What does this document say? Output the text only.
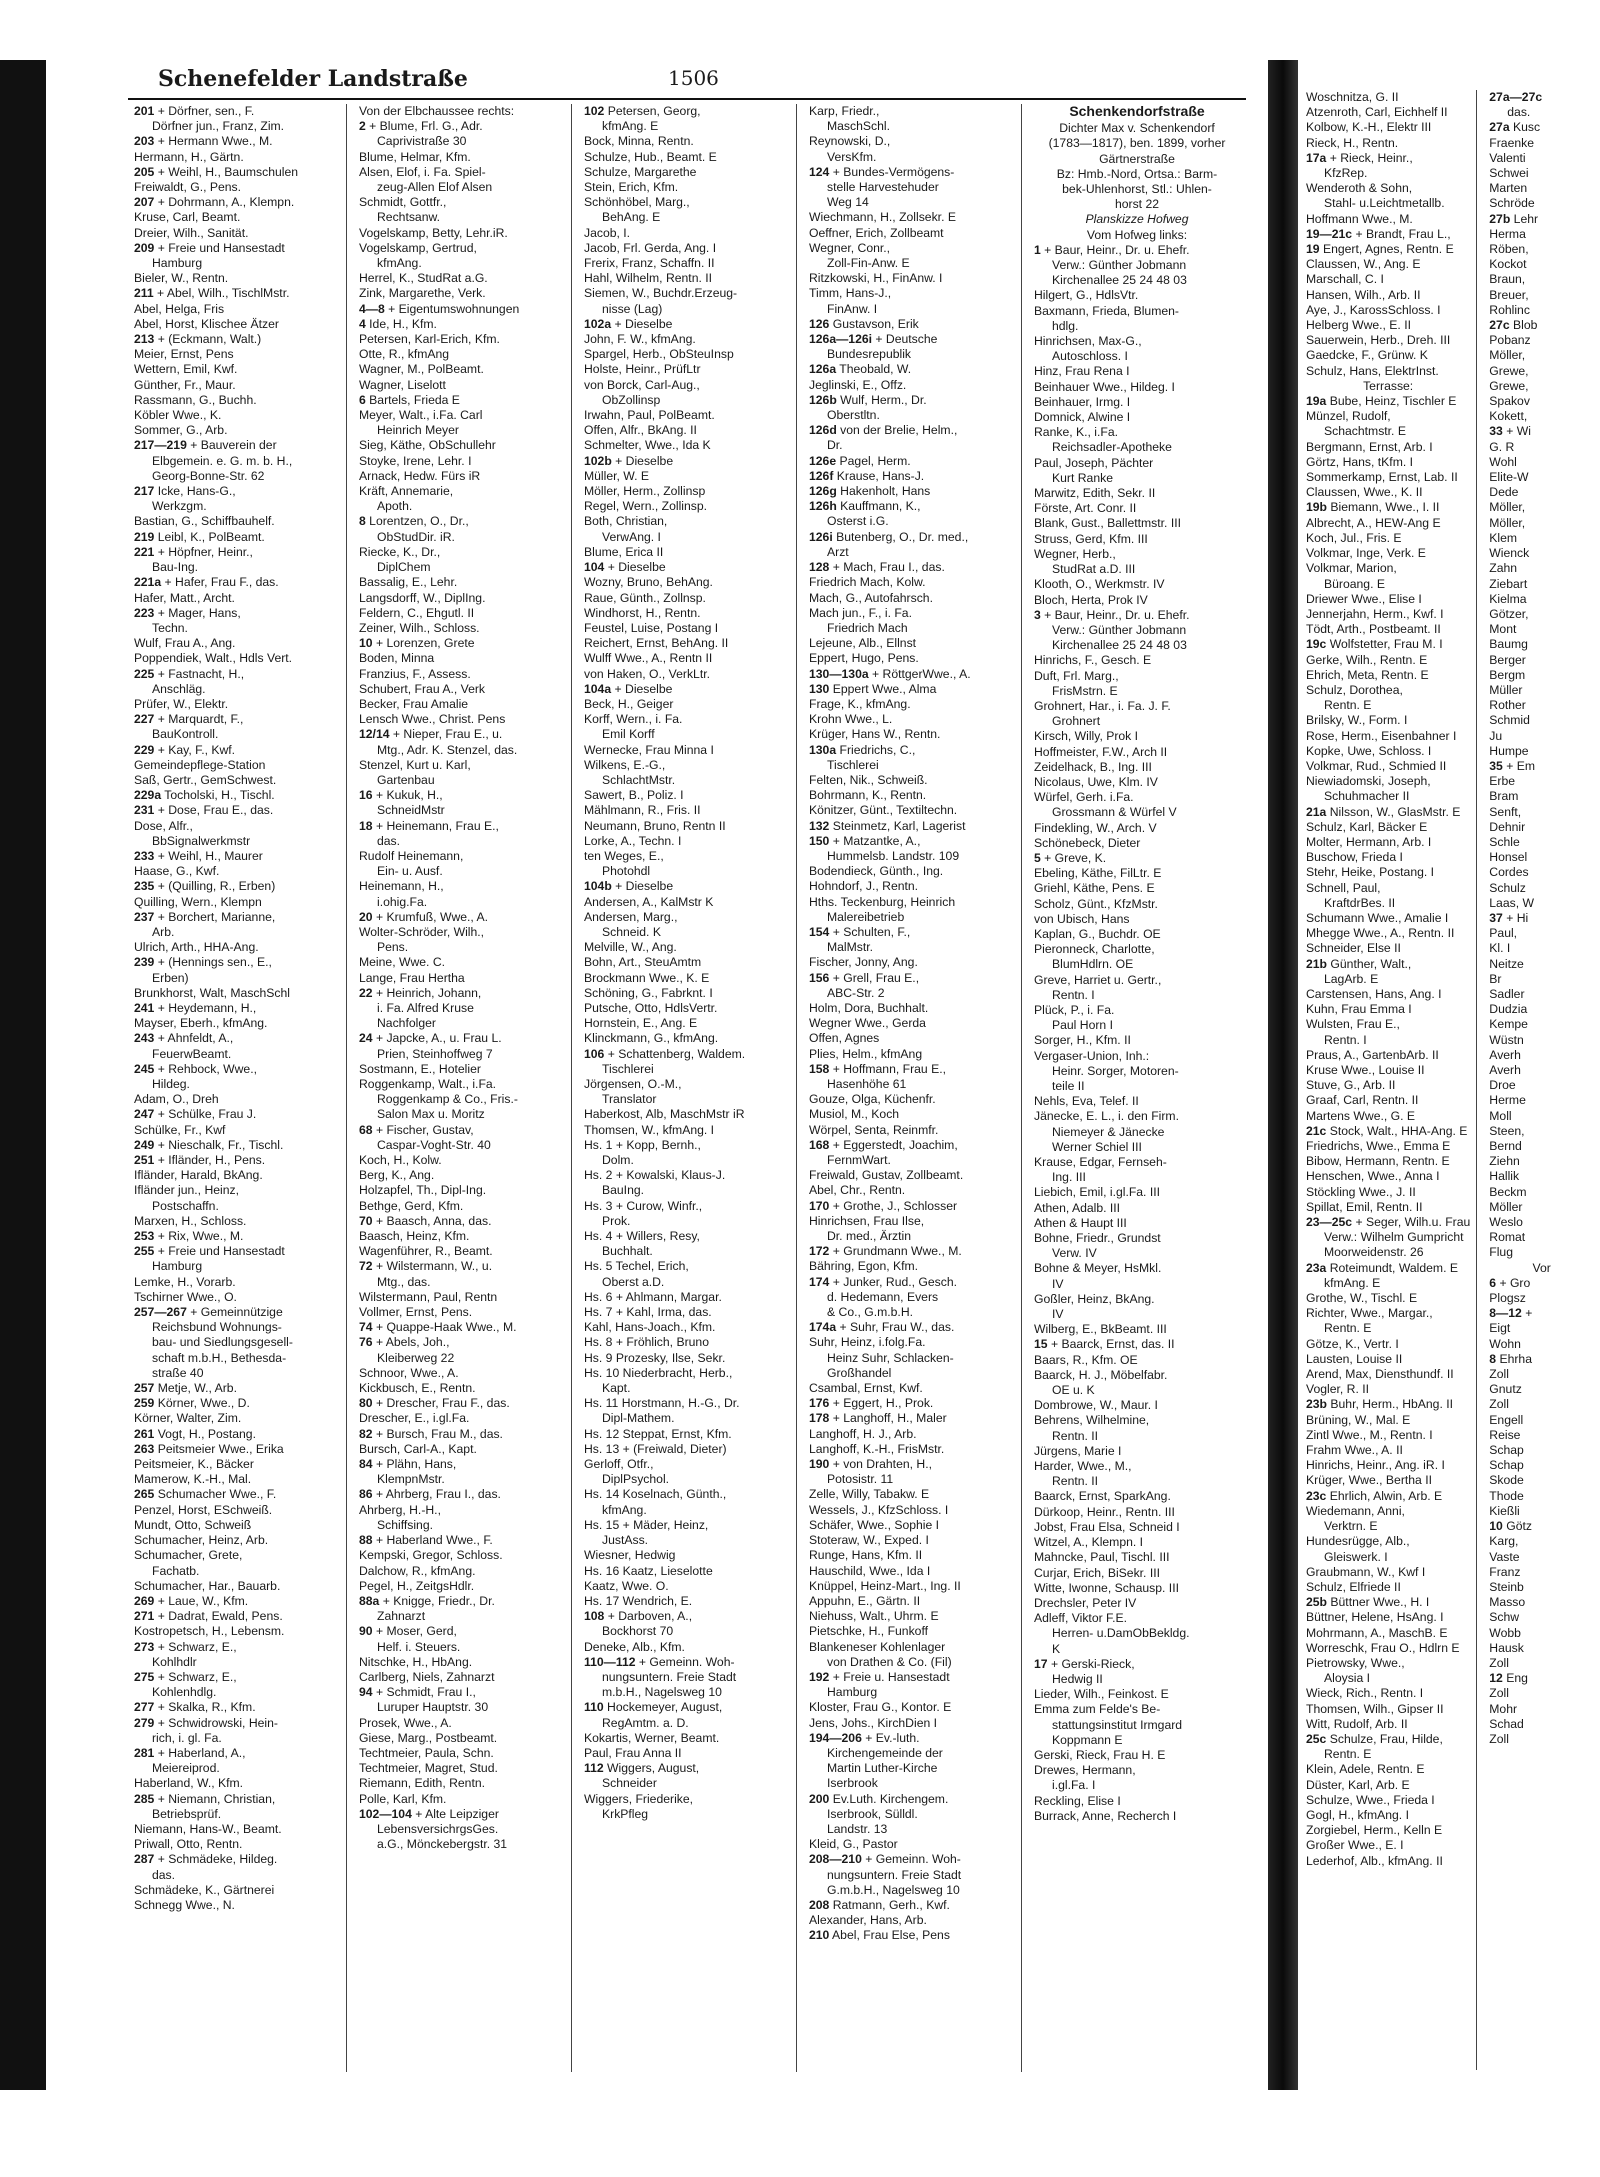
Schenefelder Landstraße	1506
201 + Dörfner, sen., F.
Dörfner jun., Franz, Zim.
203 + Hermann Wwe., M.
Hermann, H., Gärtn.
205 + Weihl, H., Baumschulen
Freiwaldt, G., Pens.
207 + Dohrmann, A., Klempn.
Kruse, Carl, Beamt.
Dreier, Wilh., Sanität.
209 + Freie und Hansestadt
Hamburg
Bieler, W., Rentn.
211 + Abel, Wilh., TischlMstr.
Abel, Helga, Fris
Abel, Horst, Klischee Ätzer
213 + (Eckmann, Walt.)
Meier, Ernst, Pens
Wettern, Emil, Kwf.
Günther, Fr., Maur.
Rassmann, G., Buchh.
Köbler Wwe., K.
Sommer, G., Arb.
217—219 + Bauverein der
Elbgemein. e. G. m. b. H.,
Georg-Bonne-Str. 62
217 Icke, Hans-G.,
Werkzgm.
Bastian, G., Schiffbauhelf.
219 Leibl, K., PolBeamt.
221 + Höpfner, Heinr.,
Bau-Ing.
221a + Hafer, Frau F., das.
Hafer, Matt., Archt.
223 + Mager, Hans,
Techn.
Wulf, Frau A., Ang.
Poppendiek, Walt., Hdls Vert.
225 + Fastnacht, H.,
Anschläg.
Prüfer, W., Elektr.
227 + Marquardt, F.,
BauKontroll.
229 + Kay, F., Kwf.
Gemeindepflege-Station
Saß, Gertr., GemSchwest.
229a Tocholski, H., Tischl.
231 + Dose, Frau E., das.
Dose, Alfr.,
BbSignalwerkmstr
233 + Weihl, H., Maurer
Haase, G., Kwf.
235 + (Quilling, R., Erben)
Quilling, Wern., Klempn
237 + Borchert, Marianne,
Arb.
Ulrich, Arth., HHA-Ang.
239 + (Hennings sen., E.,
Erben)
Brunkhorst, Walt, MaschSchl
241 + Heydemann, H.,
Mayser, Eberh., kfmAng.
243 + Ahnfeldt, A.,
FeuerwBeamt.
245 + Rehbock, Wwe.,
Hildeg.
Adam, O., Dreh
247 + Schülke, Frau J.
Schülke, Fr., Kwf
249 + Nieschalk, Fr., Tischl.
251 + Ifländer, H., Pens.
Ifländer, Harald, BkAng.
Ifländer jun., Heinz,
Postschaffn.
Marxen, H., Schloss.
253 + Rix, Wwe., M.
255 + Freie und Hansestadt
Hamburg
Lemke, H., Vorarb.
Tschirner Wwe., O.
257—267 + Gemeinnützige
Reichsbund Wohnungs-
bau- und Siedlungsgesell-
schaft m.b.H., Bethesda-
straße 40
257 Metje, W., Arb.
259 Körner, Wwe., D.
Körner, Walter, Zim.
261 Vogt, H., Postang.
263 Peitsmeier Wwe., Erika
Peitsmeier, K., Bäcker
Mamerow, K.-H., Mal.
265 Schumacher Wwe., F.
Penzel, Horst, ESchweiß.
Mundt, Otto, Schweiß
Schumacher, Heinz, Arb.
Schumacher, Grete,
Fachatb.
Schumacher, Har., Bauarb.
269 + Laue, W., Kfm.
271 + Dadrat, Ewald, Pens.
Kostropetsch, H., Lebensm.
273 + Schwarz, E.,
Kohlhdlr
275 + Schwarz, E.,
Kohlenhdlg.
277 + Skalka, R., Kfm.
279 + Schwidrowski, Hein-
rich, i. gl. Fa.
281 + Haberland, A.,
Meiereiprod.
Haberland, W., Kfm.
285 + Niemann, Christian,
Betriebsprüf.
Niemann, Hans-W., Beamt.
Priwall, Otto, Rentn.
287 + Schmädeke, Hildeg.
das.
Schmädeke, K., Gärtnerei
Schnegg Wwe., N.
Von der Elbchaussee rechts:
2 + Blume, Frl. G., Adr.
Caprivistraße 30
Blume, Helmar, Kfm.
Alsen, Elof, i. Fa. Spiel-
zeug-Allen Elof Alsen
Schmidt, Gottfr.,
Rechtsanw.
Vogelskamp, Betty, Lehr.iR.
Vogelskamp, Gertrud,
kfmAng.
Herrel, K., StudRat a.G.
Zink, Margarethe, Verk.
4—8 + Eigentumswohnungen
4 Ide, H., Kfm.
Petersen, Karl-Erich, Kfm.
Otte, R., kfmAng
Wagner, M., PolBeamt.
Wagner, Liselott
6 Bartels, Frieda E
Meyer, Walt., i.Fa. Carl
Heinrich Meyer
Sieg, Käthe, ObSchullehr
Stoyke, Irene, Lehr. I
Arnack, Hedw. Fürs iR
Kräft, Annemarie,
Apoth.
8 Lorentzen, O., Dr.,
ObStudDir. iR.
Riecke, K., Dr.,
DiplChem
Bassalig, E., Lehr.
Langsdorff, W., DiplIng.
Feldern, C., Ehgutl. II
Zeiner, Wilh., Schloss.
10 + Lorenzen, Grete
Boden, Minna
Franzius, F., Assess.
Schubert, Frau A., Verk
Becker, Frau Amalie
Lensch Wwe., Christ. Pens
12/14 + Nieper, Frau E., u.
Mtg., Adr. K. Stenzel, das.
Stenzel, Kurt u. Karl,
Gartenbau
16 + Kukuk, H.,
SchneidMstr
18 + Heinemann, Frau E.,
das.
Rudolf Heinemann,
Ein- u. Ausf.
Heinemann, H.,
i.ohig.Fa.
20 + Krumfuß, Wwe., A.
Wolter-Schröder, Wilh.,
Pens.
Meine, Wwe. C.
Lange, Frau Hertha
22 + Heinrich, Johann,
i. Fa. Alfred Kruse
Nachfolger
24 + Japcke, A., u. Frau L.
Prien, Steinhoffweg 7
Sostmann, E., Hotelier
Roggenkamp, Walt., i.Fa.
Roggenkamp & Co., Fris.-
Salon Max u. Moritz
68 + Fischer, Gustav,
Caspar-Voght-Str. 40
Koch, H., Kolw.
Berg, K., Ang.
Holzapfel, Th., Dipl-Ing.
Bethge, Gerd, Kfm.
70 + Baasch, Anna, das.
Baasch, Heinz, Kfm.
Wagenführer, R., Beamt.
72 + Wilstermann, W., u.
Mtg., das.
Wilstermann, Paul, Rentn
Vollmer, Ernst, Pens.
74 + Quappe-Haak Wwe., M.
76 + Abels, Joh.,
Kleiberweg 22
Schnoor, Wwe., A.
Kickbusch, E., Rentn.
80 + Drescher, Frau F., das.
Drescher, E., i.gl.Fa.
82 + Bursch, Frau M., das.
Bursch, Carl-A., Kapt.
84 + Plähn, Hans,
KlempnMstr.
86 + Ahrberg, Frau I., das.
Ahrberg, H.-H.,
Schiffsing.
88 + Haberland Wwe., F.
Kempski, Gregor, Schloss.
Dalchow, R., kfmAng.
Pegel, H., ZeitgsHdlr.
88a + Knigge, Friedr., Dr.
Zahnarzt
90 + Moser, Gerd,
Helf. i. Steuers.
Nitschke, H., HbAng.
Carlberg, Niels, Zahnarzt
94 + Schmidt, Frau I.,
Luruper Hauptstr. 30
Prosek, Wwe., A.
Giese, Marg., Postbeamt.
Techtmeier, Paula, Schn.
Techtmeier, Magret, Stud.
Riemann, Edith, Rentn.
Polle, Karl, Kfm.
102—104 + Alte Leipziger
LebensversichrgsGes.
a.G., Mönckebergstr. 31
102 Petersen, Georg,
kfmAng. E
Bock, Minna, Rentn.
Schulze, Hub., Beamt. E
Schulze, Margarethe
Stein, Erich, Kfm.
Schönhöbel, Marg.,
BehAng. E
Jacob, I.
Jacob, Frl. Gerda, Ang. I
Frerix, Franz, Schaffn. II
Hahl, Wilhelm, Rentn. II
Siemen, W., Buchdr.Erzeug-
nisse (Lag)
102a + Dieselbe
John, F. W., kfmAng.
Spargel, Herb., ObSteuInsp
Holste, Heinr., PrüfLtr
von Borck, Carl-Aug.,
ObZollinsp
Irwahn, Paul, PolBeamt.
Offen, Alfr., BkAng. II
Schmelter, Wwe., Ida K
102b + Dieselbe
Müller, W. E
Möller, Herm., Zollinsp
Regel, Wern., Zollinsp.
Both, Christian,
VerwAng. I
Blume, Erica II
104 + Dieselbe
Wozny, Bruno, BehAng.
Raue, Günth., Zollnsp.
Windhorst, H., Rentn.
Feustel, Luise, Postang I
Reichert, Ernst, BehAng. II
Wulff Wwe., A., Rentn II
von Haken, O., VerkLtr.
104a + Dieselbe
Beck, H., Geiger
Korff, Wern., i. Fa.
Emil Korff
Wernecke, Frau Minna I
Wilkens, E.-G.,
SchlachtMstr.
Sawert, B., Poliz. I
Mählmann, R., Fris. II
Neumann, Bruno, Rentn II
Lorke, A., Techn. I
ten Weges, E.,
Photohdl
104b + Dieselbe
Andersen, A., KalMstr K
Andersen, Marg.,
Schneid. K
Melville, W., Ang.
Bohn, Art., SteuAmtm
Brockmann Wwe., K. E
Schöning, G., Fabrknt. I
Putsche, Otto, HdlsVertr.
Hornstein, E., Ang. E
Klinckmann, G., kfmAng.
106 + Schattenberg, Waldem.
Tischlerei
Jörgensen, O.-M.,
Translator
Haberkost, Alb, MaschMstr iR
Thomsen, W., kfmAng. I
Hs. 1 + Kopp, Bernh.,
Dolm.
Hs. 2 + Kowalski, Klaus-J.
BauIng.
Hs. 3 + Curow, Winfr.,
Prok.
Hs. 4 + Willers, Resy,
Buchhalt.
Hs. 5 Techel, Erich,
Oberst a.D.
Hs. 6 + Ahlmann, Margar.
Hs. 7 + Kahl, Irma, das.
Kahl, Hans-Joach., Kfm.
Hs. 8 + Fröhlich, Bruno
Hs. 9 Prozesky, Ilse, Sekr.
Hs. 10 Niederbracht, Herb.,
Kapt.
Hs. 11 Horstmann, H.-G., Dr.
Dipl-Mathem.
Hs. 12 Steppat, Ernst, Kfm.
Hs. 13 + (Freiwald, Dieter)
Gerloff, Otfr.,
DiplPsychol.
Hs. 14 Koselnach, Günth.,
kfmAng.
Hs. 15 + Mäder, Heinz,
JustAss.
Wiesner, Hedwig
Hs. 16 Kaatz, Lieselotte
Kaatz, Wwe. O.
Hs. 17 Wendrich, E.
108 + Darboven, A.,
Bockhorst 70
Deneke, Alb., Kfm.
110—112 + Gemeinn. Woh-
nungsuntern. Freie Stadt
m.b.H., Nagelsweg 10
110 Hockemeyer, August,
RegAmtm. a. D.
Kokartis, Werner, Beamt.
Paul, Frau Anna II
112 Wiggers, August,
Schneider
Wiggers, Friederike,
KrkPfleg
Karp, Friedr.,
MaschSchl.
Reynowski, D.,
VersKfm.
124 + Bundes-Vermögens-
stelle Harvestehuder
Weg 14
Wiechmann, H., Zollsekr. E
Oeffner, Erich, Zollbeamt
Wegner, Conr.,
Zoll-Fin-Anw. E
Ritzkowski, H., FinAnw. I
Timm, Hans-J.,
FinAnw. I
126 Gustavson, Erik
126a—126i + Deutsche
Bundesrepublik
126a Theobald, W.
Jeglinski, E., Offz.
126b Wulf, Herm., Dr.
Oberstltn.
126d von der Brelie, Helm.,
Dr.
126e Pagel, Herm.
126f Krause, Hans-J.
126g Hakenholt, Hans
126h Kauffmann, K.,
Osterst i.G.
126i Butenberg, O., Dr. med.,
Arzt
128 + Mach, Frau I., das.
Friedrich Mach, Kolw.
Mach, G., Autofahrsch.
Mach jun., F., i. Fa.
Friedrich Mach
Lejeune, Alb., Ellnst
Eppert, Hugo, Pens.
130—130a + RöttgerWwe., A.
130 Eppert Wwe., Alma
Frage, K., kfmAng.
Krohn Wwe., L.
Krüger, Hans W., Rentn.
130a Friedrichs, C.,
Tischlerei
Felten, Nik., Schweiß.
Bohrmann, K., Rentn.
Könitzer, Günt., Textiltechn.
132 Steinmetz, Karl, Lagerist
150 + Matzantke, A.,
Hummelsb. Landstr. 109
Bodendieck, Günth., Ing.
Hohndorf, J., Rentn.
Hths. Teckenburg, Heinrich
Malereibetrieb
154 + Schulten, F.,
MalMstr.
Fischer, Jonny, Ang.
156 + Grell, Frau E.,
ABC-Str. 2
Holm, Dora, Buchhalt.
Wegner Wwe., Gerda
Offen, Agnes
Plies, Helm., kfmAng
158 + Hoffmann, Frau E.,
Hasenhöhe 61
Gouze, Olga, Küchenfr.
Musiol, M., Koch
Wörpel, Senta, Reinmfr.
168 + Eggerstedt, Joachim,
FernmWart.
Freiwald, Gustav, Zollbeamt.
Abel, Chr., Rentn.
170 + Grothe, J., Schlosser
Hinrichsen, Frau Ilse,
Dr. med., Ärztin
172 + Grundmann Wwe., M.
Bähring, Egon, Kfm.
174 + Junker, Rud., Gesch.
d. Hedemann, Evers
& Co., G.m.b.H.
174a + Suhr, Frau W., das.
Suhr, Heinz, i.folg.Fa.
Heinz Suhr, Schlacken-
Großhandel
Csambal, Ernst, Kwf.
176 + Eggert, H., Prok.
178 + Langhoff, H., Maler
Langhoff, H. J., Arb.
Langhoff, K.-H., FrisMstr.
190 + von Drahten, H.,
Potosistr. 11
Zelle, Willy, Tabakw. E
Wessels, J., KfzSchloss. I
Schäfer, Wwe., Sophie I
Stoteraw, W., Exped. I
Runge, Hans, Kfm. II
Hauschild, Wwe., Ida I
Knüppel, Heinz-Mart., Ing. II
Appuhn, E., Gärtn. II
Niehuss, Walt., Uhrm. E
Pietschke, H., Funkoff
Blankeneser Kohlenlager
von Drathen & Co. (Fil)
192 + Freie u. Hansestadt
Hamburg
Kloster, Frau G., Kontor. E
Jens, Johs., KirchDien I
194—206 + Ev.-luth.
Kirchengemeinde der
Martin Luther-Kirche
Iserbrook
200 Ev.Luth. Kirchengem.
Iserbrook, Sülldl.
Landstr. 13
Kleid, G., Pastor
208—210 + Gemeinn. Woh-
nungsuntern. Freie Stadt
G.m.b.H., Nagelsweg 10
208 Ratmann, Gerh., Kwf.
Alexander, Hans, Arb.
210 Abel, Frau Else, Pens
Schenkendorfstraße
Dichter Max v. Schenkendorf
(1783—1817), ben. 1899, vorher
Gärtnerstraße
Bz: Hmb.-Nord, Ortsa.: Barm-
bek-Uhlenhorst, Stl.: Uhlen-
horst 22
Planskizze Hofweg
Vom Hofweg links:
1 + Baur, Heinr., Dr. u. Ehefr.
Verw.: Günther Jobmann
Kirchenallee 25 24 48 03
Hilgert, G., HdlsVtr.
Baxmann, Frieda, Blumen-
hdlg.
Hinrichsen, Max-G.,
Autoschloss. I
Hinz, Frau Rena I
Beinhauer Wwe., Hildeg. I
Beinhauer, Irmg. I
Domnick, Alwine I
Ranke, K., i.Fa.
Reichsadler-Apotheke
Paul, Joseph, Pächter
Kurt Ranke
Marwitz, Edith, Sekr. II
Förste, Art. Conr. II
Blank, Gust., Ballettmstr. III
Struss, Gerd, Kfm. III
Wegner, Herb.,
StudRat a.D. III
Klooth, O., Werkmstr. IV
Bloch, Herta, Prok IV
3 + Baur, Heinr., Dr. u. Ehefr.
Verw.: Günther Jobmann
Kirchenallee 25 24 48 03
Hinrichs, F., Gesch. E
Duft, Frl. Marg.,
FrisMstrn. E
Grohnert, Har., i. Fa. J. F.
Grohnert
Kirsch, Willy, Prok I
Hoffmeister, F.W., Arch II
Zeidelhack, B., Ing. III
Nicolaus, Uwe, Klm. IV
Würfel, Gerh. i.Fa.
Grossmann & Würfel V
Findekling, W., Arch. V
Schönebeck, Dieter
5 + Greve, K.
Ebeling, Käthe, FilLtr. E
Griehl, Käthe, Pens. E
Scholz, Günt., KfzMstr.
von Ubisch, Hans
Kaplan, G., Buchdr. OE
Pieronneck, Charlotte,
BlumHdlrn. OE
Greve, Harriet u. Gertr.,
Rentn. I
Plück, P., i. Fa.
Paul Horn I
Sorger, H., Kfm. II
Vergaser-Union, Inh.:
Heinr. Sorger, Motoren-
teile II
Nehls, Eva, Telef. II
Jänecke, E. L., i. den Firm.
Niemeyer & Jänecke
Werner Schiel III
Krause, Edgar, Fernseh-
Ing. III
Liebich, Emil, i.gl.Fa. III
Athen, Adalb. III
Athen & Haupt III
Bohne, Friedr., Grundst
Verw. IV
Bohne & Meyer, HsMkl.
IV
Goßler, Heinz, BkAng.
IV
Wilberg, E., BkBeamt. III
15 + Baarck, Ernst, das. II
Baars, R., Kfm. OE
Baarck, H. J., Möbelfabr.
OE u. K
Dombrowe, W., Maur. I
Behrens, Wilhelmine,
Rentn. II
Jürgens, Marie I
Harder, Wwe., M.,
Rentn. II
Baarck, Ernst, SparkAng.
Dürkoop, Heinr., Rentn. III
Jobst, Frau Elsa, Schneid I
Witzel, A., Klempn. I
Mahncke, Paul, Tischl. III
Curjar, Erich, BiSekr. III
Witte, Iwonne, Schausp. III
Drechsler, Peter IV
Adleff, Viktor F.E.
Herren- u.DamObBekldg.
K
17 + Gerski-Rieck,
Hedwig II
Lieder, Wilh., Feinkost. E
Emma zum Felde's Be-
stattungsinstitut Irmgard
Koppmann E
Gerski, Rieck, Frau H. E
Drewes, Hermann,
i.gl.Fa. I
Reckling, Elise I
Burrack, Anne, Recherch I
Woschnitza, G. II
Atzenroth, Carl, Eichhelf II
Kolbow, K.-H., Elektr III
Rieck, H., Rentn.
17a + Rieck, Heinr.,
KfzRep.
Wenderoth & Sohn,
Stahl- u.Leichtmetallb.
Hoffmann Wwe., M.
19—21c + Brandt, Frau L.,
19 Engert, Agnes, Rentn. E
Claussen, W., Ang. E
Marschall, C. I
Hansen, Wilh., Arb. II
Aye, J., KarossSchloss. I
Helberg Wwe., E. II
Sauerwein, Herb., Dreh. III
Gaedcke, F., Grünw. K
Schulz, Hans, ElektrInst.
Terrasse:
19a Bube, Heinz, Tischler E
Münzel, Rudolf,
Schachtmstr. E
Bergmann, Ernst, Arb. I
Görtz, Hans, tKfm. I
Sommerkamp, Ernst, Lab. II
Claussen, Wwe., K. II
19b Biemann, Wwe., I. II
Albrecht, A., HEW-Ang E
Koch, Jul., Fris. E
Volkmar, Inge, Verk. E
Volkmar, Marion,
Büroang. E
Driewer Wwe., Elise I
Jennerjahn, Herm., Kwf. I
Tödt, Arth., Postbeamt. II
19c Wolfstetter, Frau M. I
Gerke, Wilh., Rentn. E
Ehrich, Meta, Rentn. E
Schulz, Dorothea,
Rentn. E
Brilsky, W., Form. I
Rose, Herm., Eisenbahner I
Kopke, Uwe, Schloss. I
Volkmar, Rud., Schmied II
Niewiadomski, Joseph,
Schuhmacher II
21a Nilsson, W., GlasMstr. E
Schulz, Karl, Bäcker E
Molter, Hermann, Arb. I
Buschow, Frieda I
Stehr, Heike, Postang. I
Schnell, Paul,
KraftdrBes. II
Schumann Wwe., Amalie I
Mhegge Wwe., A., Rentn. II
Schneider, Else II
21b Günther, Walt.,
LagArb. E
Carstensen, Hans, Ang. I
Kuhn, Frau Emma I
Wulsten, Frau E.,
Rentn. I
Praus, A., GartenbArb. II
Kruse Wwe., Louise II
Stuve, G., Arb. II
Graaf, Carl, Rentn. II
Martens Wwe., G. E
21c Stock, Walt., HHA-Ang. E
Friedrichs, Wwe., Emma E
Bibow, Hermann, Rentn. E
Henschen, Wwe., Anna I
Stöckling Wwe., J. II
Spillat, Emil, Rentn. II
23—25c + Seger, Wilh.u. Frau
Verw.: Wilhelm Gumpricht
Moorweidenstr. 26
23a Roteimundt, Waldem. E
kfmAng. E
Grothe, W., Tischl. E
Richter, Wwe., Margar.,
Rentn. E
Götze, K., Vertr. I
Lausten, Louise II
Arend, Max, Diensthundf. II
Vogler, R. II
23b Buhr, Herm., HbAng. II
Brüning, W., Mal. E
Zintl Wwe., M., Rentn. I
Frahm Wwe., A. II
Hinrichs, Heinr., Ang. iR. I
Krüger, Wwe., Bertha II
23c Ehrlich, Alwin, Arb. E
Wiedemann, Anni,
Verktrn. E
Hundesrügge, Alb.,
Gleiswerk. I
Graubmann, W., Kwf I
Schulz, Elfriede II
25b Büttner Wwe., H. I
Büttner, Helene, HsAng. I
Mohrmann, A., MaschB. E
Worreschk, Frau O., Hdlrn E
Pietrowsky, Wwe.,
Aloysia I
Wieck, Rich., Rentn. I
Thomsen, Wilh., Gipser II
Witt, Rudolf, Arb. II
25c Schulze, Frau, Hilde,
Rentn. E
Klein, Adele, Rentn. E
Düster, Karl, Arb. E
Schulze, Wwe., Frieda I
Gogl, H., kfmAng. I
Zorgiebel, Herm., Kelln E
Großer Wwe., E. I
Lederhof, Alb., kfmAng. II
27a—27c
das.
27a Kusc
Fraenke
Valenti
Schwei
Marten
Schröde
27b Lehr
Herma
Röben,
Kockot
Braun,
Breuer,
Rohlinc
27c Blob
Pobanz
Möller,
Grewe,
Grewe,
Spakov
Kokett,
33 + Wi
G. R
Wohl
Elite-W
Dede
Möller,
Möller,
Klem
Wienck
Zahn
Ziebart
Kielma
Götzer,
Mont
Baumg
Berger
Bergm
Müller
Rother
Schmid
Ju
Humpe
35 + Em
Erbe
Bram
Senft,
Dehnir
Schle
Honsel
Cordes
Schulz
Laas, W
37 + Hi
Paul,
Kl. I
Neitze
Br
Sadler
Dudzia
Kempe
Wüstn
Averh
Averh
Droe
Herme
Moll
Steen,
Bernd
Ziehn
Hallik
Beckm
Möller
Weslo
Romat
Flug
Vor
6 + Gro
Plogsz
8—12 +
Eigt
Wohn
8 Ehrha
Zoll
Gnutz
Zoll
Engell
Reise
Schap
Schap
Skode
Thode
Kießli
10 Götz
Karg,
Vaste
Franz
Steinb
Masso
Schw
Wobb
Hausk
Zoll
12 Eng
Zoll
Mohr
Schad
Zoll
